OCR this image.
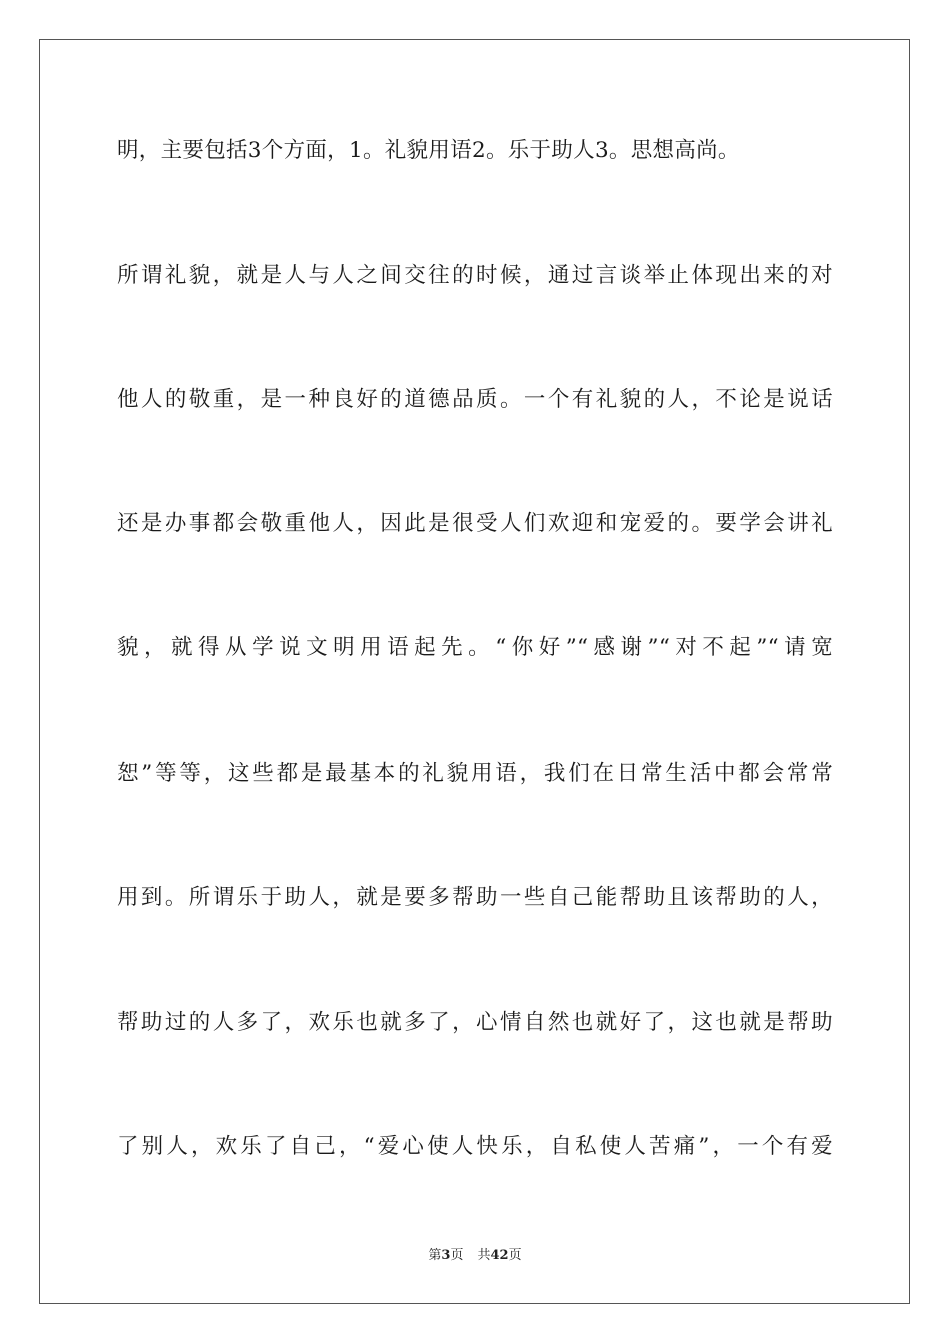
明，主要包括3个方面，1。礼貌用语2。乐于助人3。思想高尚。
所谓礼貌，就是人与人之间交往的时候，通过言谈举止体现出来的对
他人的敬重，是一种良好的道德品质。一个有礼貌的人，不论是说话
还是办事都会敬重他人，因此是很受人们欢迎和宠爱的。要学会讲礼
貌，就得从学说文明用语起先。“你好”“感谢”“对不起”“请宽
恕”等等，这些都是最基本的礼貌用语，我们在日常生活中都会常常
用到。所谓乐于助人，就是要多帮助一些自己能帮助且该帮助的人，
帮助过的人多了，欢乐也就多了，心情自然也就好了，这也就是帮助
了别人，欢乐了自己，“爱心使人快乐，自私使人苦痛”，一个有爱
第3页 共42页
